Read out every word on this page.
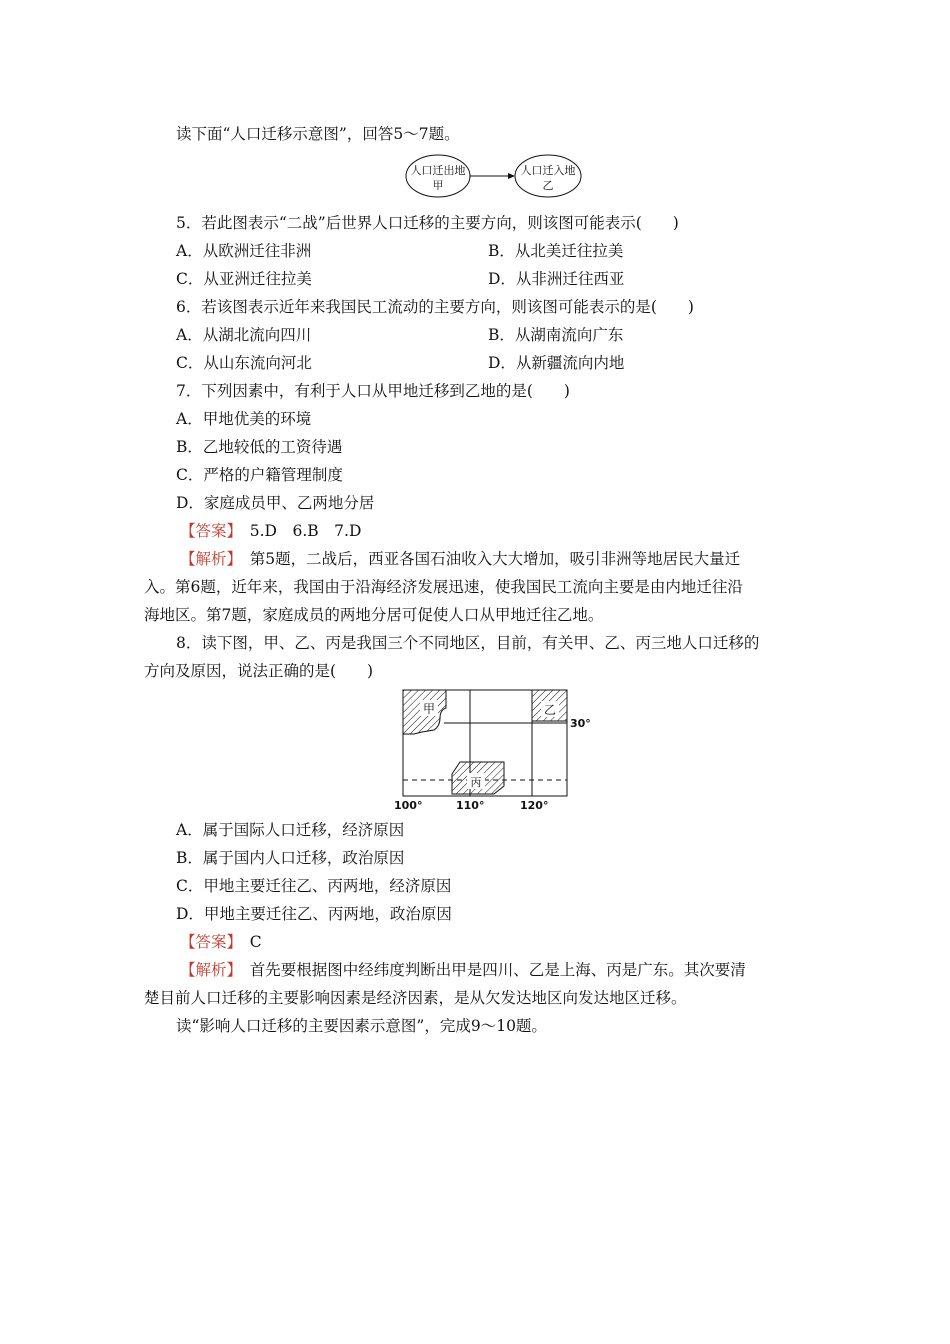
读下面“人口迁移示意图”，回答5～7题。
人口迁出地
甲
人口迁入地
乙
5．若此图表示“二战”后世界人口迁移的主要方向，则该图可能表示(　　)
A．从欧洲迁往非洲	B．从北美迁往拉美
C．从亚洲迁往拉美	D．从非洲迁往西亚
6．若该图表示近年来我国民工流动的主要方向，则该图可能表示的是(　　)
A．从湖北流向四川	B．从湖南流向广东
C．从山东流向河北	D．从新疆流向内地
7．下列因素中，有利于人口从甲地迁移到乙地的是(　　)
A．甲地优美的环境
B．乙地较低的工资待遇
C．严格的户籍管理制度
D．家庭成员甲、乙两地分居
【答案】　5.D　6.B　7.D
【解析】　第5题，二战后，西亚各国石油收入大大增加，吸引非洲等地居民大量迁
入。第6题，近年来，我国由于沿海经济发展迅速，使我国民工流向主要是由内地迁往沿
海地区。第7题，家庭成员的两地分居可促使人口从甲地迁往乙地。
8．读下图，甲、乙、丙是我国三个不同地区，目前，有关甲、乙、丙三地人口迁移的
方向及原因，说法正确的是(　　)
甲	乙
30°
丙
100°	110°	120°
A．属于国际人口迁移，经济原因
B．属于国内人口迁移，政治原因
C．甲地主要迁往乙、丙两地，经济原因
D．甲地主要迁往乙、丙两地，政治原因
【答案】　C
【解析】　首先要根据图中经纬度判断出甲是四川、乙是上海、丙是广东。其次要清
楚目前人口迁移的主要影响因素是经济因素，是从欠发达地区向发达地区迁移。
读“影响人口迁移的主要因素示意图”，完成9～10题。
